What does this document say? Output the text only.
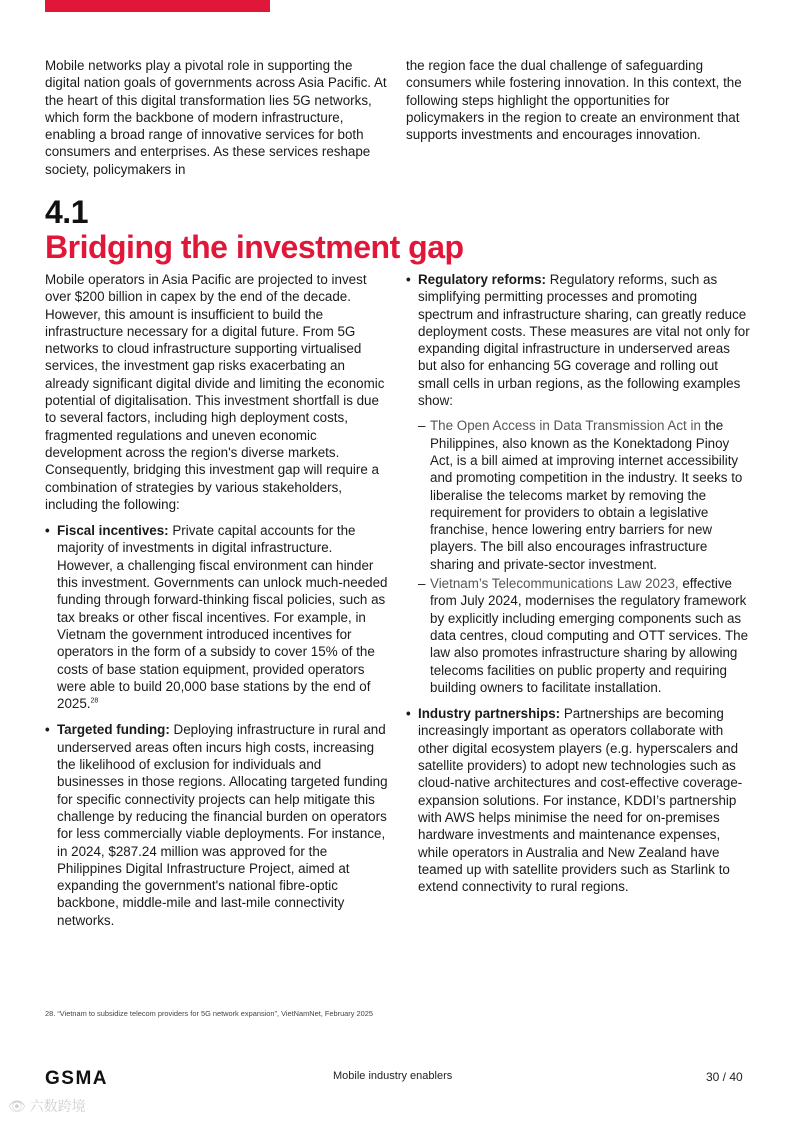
Mobile networks play a pivotal role in supporting the digital nation goals of governments across Asia Pacific. At the heart of this digital transformation lies 5G networks, which form the backbone of modern infrastructure, enabling a broad range of innovative services for both consumers and enterprises. As these services reshape society, policymakers in

the region face the dual challenge of safeguarding consumers while fostering innovation. In this context, the following steps highlight the opportunities for policymakers in the region to create an environment that supports investments and encourages innovation.

4.1
Bridging the investment gap

Mobile operators in Asia Pacific are projected to invest over $200 billion in capex by the end of the decade. However, this amount is insufficient to build the infrastructure necessary for a digital future. From 5G networks to cloud infrastructure supporting virtualised services, the investment gap risks exacerbating an already significant digital divide and limiting the economic potential of digitalisation. This investment shortfall is due to several factors, including high deployment costs, fragmented regulations and uneven economic development across the region's diverse markets. Consequently, bridging this investment gap will require a combination of strategies by various stakeholders, including the following:

• Fiscal incentives: Private capital accounts for the majority of investments in digital infrastructure. However, a challenging fiscal environment can hinder this investment. Governments can unlock much-needed funding through forward-thinking fiscal policies, such as tax breaks or other fiscal incentives. For example, in Vietnam the government introduced incentives for operators in the form of a subsidy to cover 15% of the costs of base station equipment, provided operators were able to build 20,000 base stations by the end of 2025.28
• Targeted funding: Deploying infrastructure in rural and underserved areas often incurs high costs, increasing the likelihood of exclusion for individuals and businesses in those regions. Allocating targeted funding for specific connectivity projects can help mitigate this challenge by reducing the financial burden on operators for less commercially viable deployments. For instance, in 2024, $287.24 million was approved for the Philippines Digital Infrastructure Project, aimed at expanding the government's national fibre-optic backbone, middle-mile and last-mile connectivity networks.
• Regulatory reforms: Regulatory reforms, such as simplifying permitting processes and promoting spectrum and infrastructure sharing, can greatly reduce deployment costs. These measures are vital not only for expanding digital infrastructure in underserved areas but also for enhancing 5G coverage and rolling out small cells in urban regions, as the following examples show:
– The Open Access in Data Transmission Act in the Philippines, also known as the Konektadong Pinoy Act, is a bill aimed at improving internet accessibility and promoting competition in the industry. It seeks to liberalise the telecoms market by removing the requirement for providers to obtain a legislative franchise, hence lowering entry barriers for new players. The bill also encourages infrastructure sharing and private-sector investment.
– Vietnam’s Telecommunications Law 2023, effective from July 2024, modernises the regulatory framework by explicitly including emerging components such as data centres, cloud computing and OTT services. The law also promotes infrastructure sharing by allowing telecoms facilities on public property and requiring building owners to facilitate installation.
• Industry partnerships: Partnerships are becoming increasingly important as operators collaborate with other digital ecosystem players (e.g. hyperscalers and satellite providers) to adopt new technologies such as cloud-native architectures and cost-effective coverage-expansion solutions. For instance, KDDI’s partnership with AWS helps minimise the need for on-premises hardware investments and maintenance expenses, while operators in Australia and New Zealand have teamed up with satellite providers such as Starlink to extend connectivity to rural regions.
28. “Vietnam to subsidize telecom providers for 5G network expansion”, VietNamNet, February 2025
GSMA	Mobile industry enablers	30 / 40
👁 六数跨境
